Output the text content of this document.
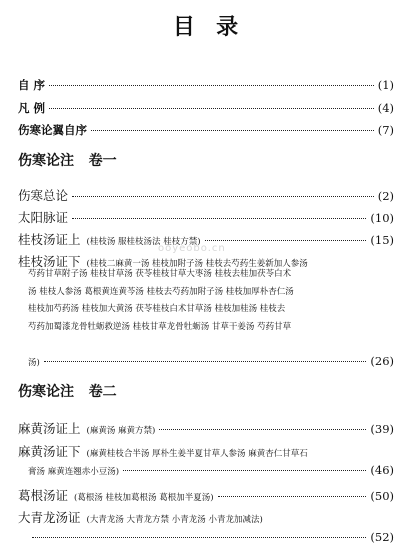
目  录
自 序	(1)
凡 例	(4)
伤寒论翼自序	(7)
伤寒论注   卷一
伤寒总论	(2)
太阳脉证	(10)
桂枝汤证上 (桂枝汤 服桂枝汤法 桂枝方禁)	(15)
桂枝汤证下 (桂枝二麻黄一汤 桂枝加附子汤 桂枝去芍药生姜新加人参汤
芍药甘草附子汤 桂枝甘草汤 茯苓桂枝甘草大枣汤 桂枝去桂加茯苓白术
汤 桂枝人参汤 葛根黄连黄芩汤 桂枝去芍药加附子汤 桂枝加厚朴杏仁汤
桂枝加芍药汤 桂枝加大黄汤 茯苓桂枝白术甘草汤 桂枝加桂汤 桂枝去
芍药加蜀漆龙骨牡蛎救逆汤 桂枝甘草龙骨牡蛎汤 甘草干姜汤 芍药甘草
汤)	(26)
伤寒论注   卷二
麻黄汤证上 (麻黄汤 麻黄方禁)	(39)
麻黄汤证下 (麻黄桂枝合半汤 厚朴生姜半夏甘草人参汤 麻黄杏仁甘草石
膏汤 麻黄连翘赤小豆汤)	(46)
葛根汤证 (葛根汤 桂枝加葛根汤 葛根加半夏汤)	(50)
大青龙汤证 (大青龙汤 大青龙方禁 小青龙汤 小青龙加减法)
(52)
ooyeobo.cn
